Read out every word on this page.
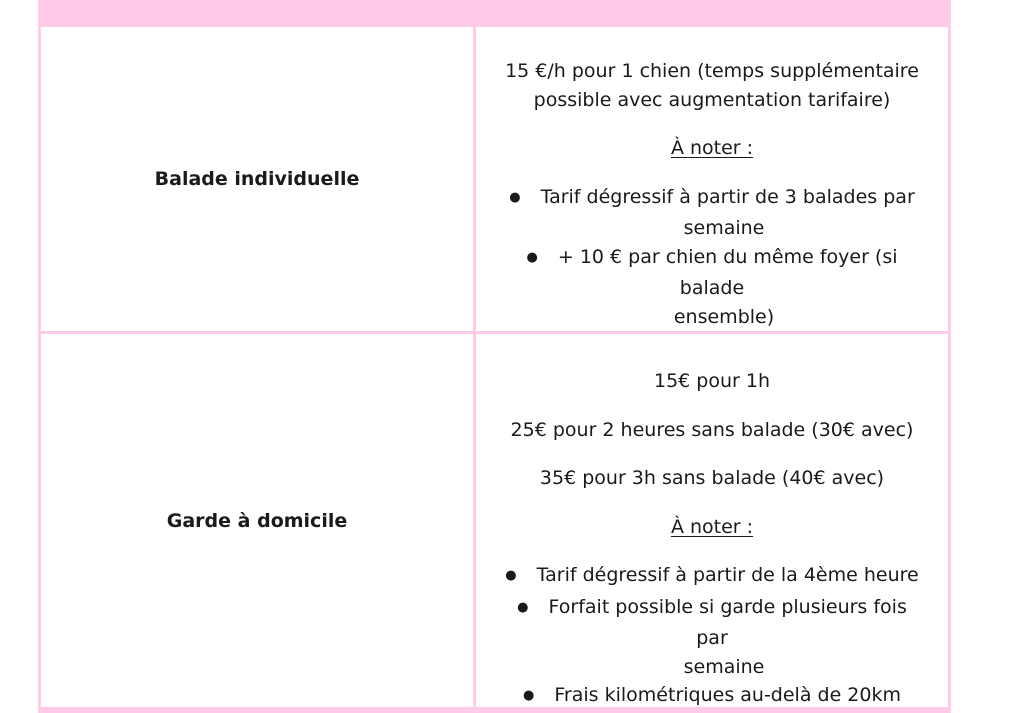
Balade individuelle

15 €/h pour 1 chien (temps supplémentaire

possible avec augmentation tarifaire)

À noter :
● Tarif dégressif à partir de 3 balades par
semaine
● + 10 € par chien du même foyer (si balade
ensemble)
Garde à domicile

15€ pour 1h

25€ pour 2 heures sans balade (30€ avec)

35€ pour 3h sans balade (40€ avec)

À noter :
● Tarif dégressif à partir de la 4ème heure
● Forfait possible si garde plusieurs fois par
semaine
● Frais kilométriques au-delà de 20km
